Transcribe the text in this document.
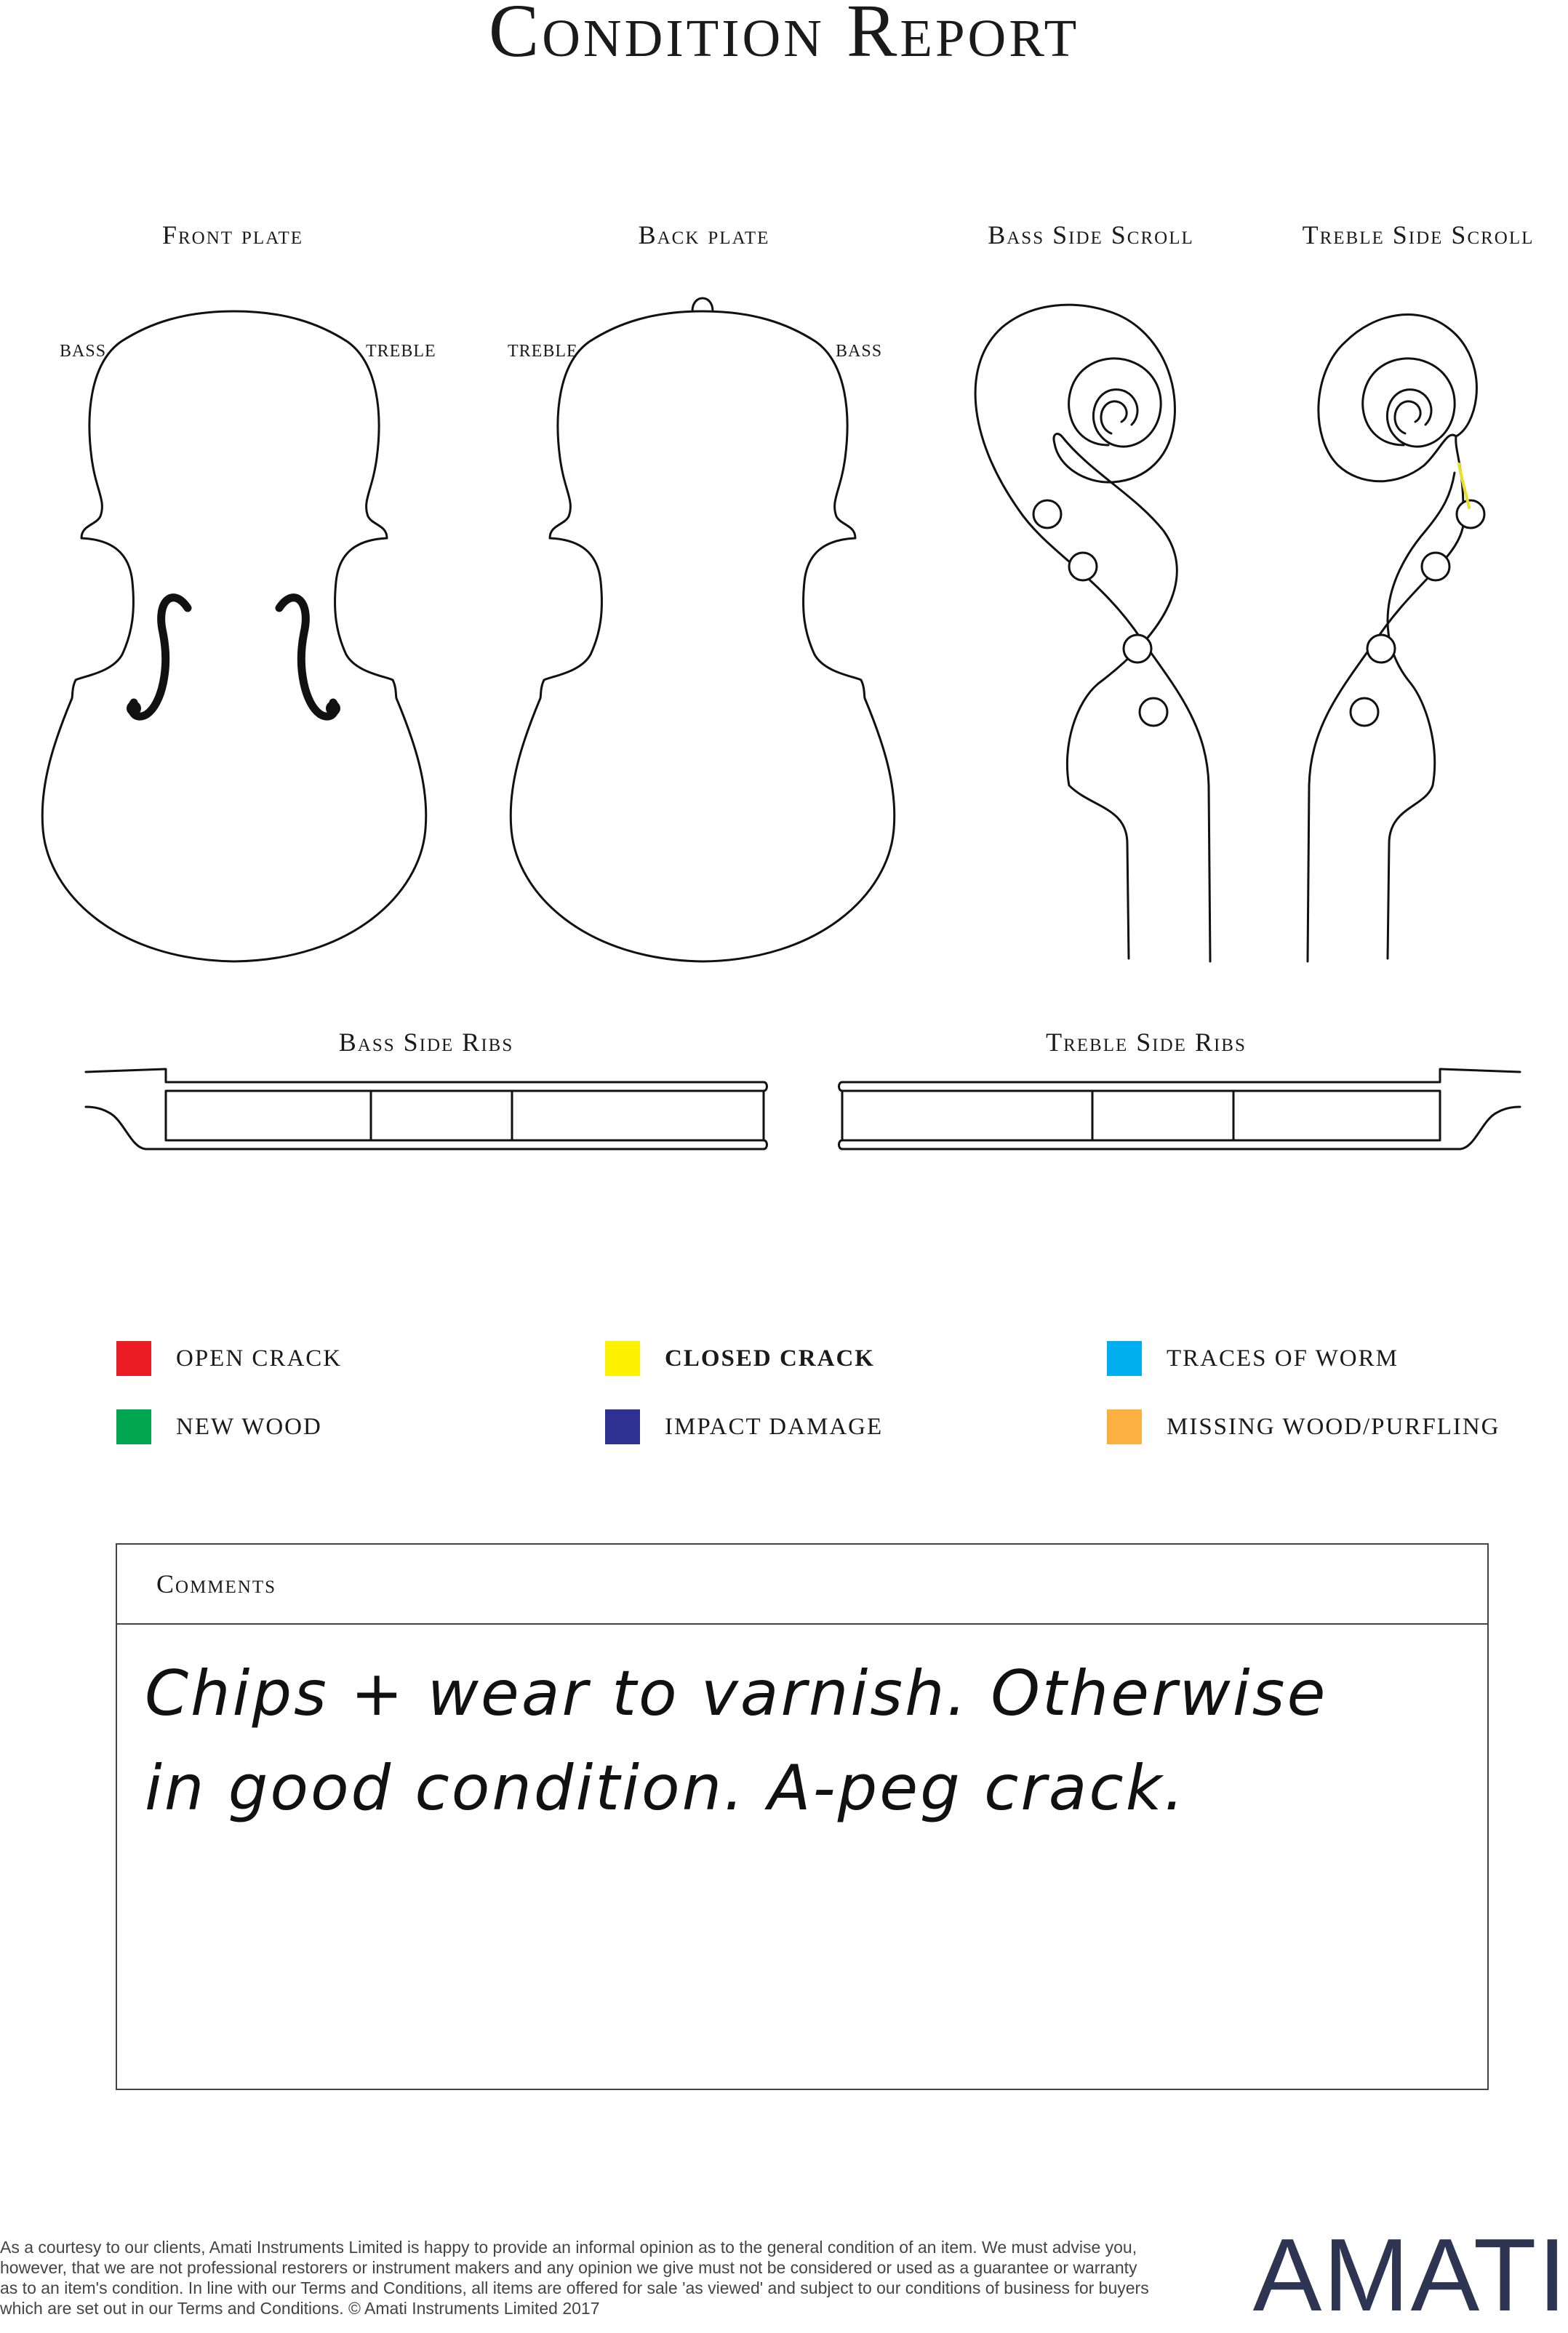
Condition Report
Front plate	Back plate	Bass Side Scroll	Treble Side Scroll
Bass Side Ribs	Treble Side Ribs
BASS	TREBLE	TREBLE	BASS
OPEN CRACK	CLOSED CRACK	TRACES OF WORM
NEW WOOD	IMPACT DAMAGE	MISSING WOOD/PURFLING
Comments
Chips + wear to varnish. Otherwise
in good condition. A-peg crack.
As a courtesy to our clients, Amati Instruments Limited is happy to provide an informal opinion as to the general condition of an item. We must advise you, however, that we are not professional restorers or instrument makers and any opinion we give must not be considered or used as a guarantee or warranty as to an item's condition. In line with our Terms and Conditions, all items are offered for sale 'as viewed' and subject to our conditions of business for buyers which are set out in our Terms and Conditions. © Amati Instruments Limited 2017	AMATI
